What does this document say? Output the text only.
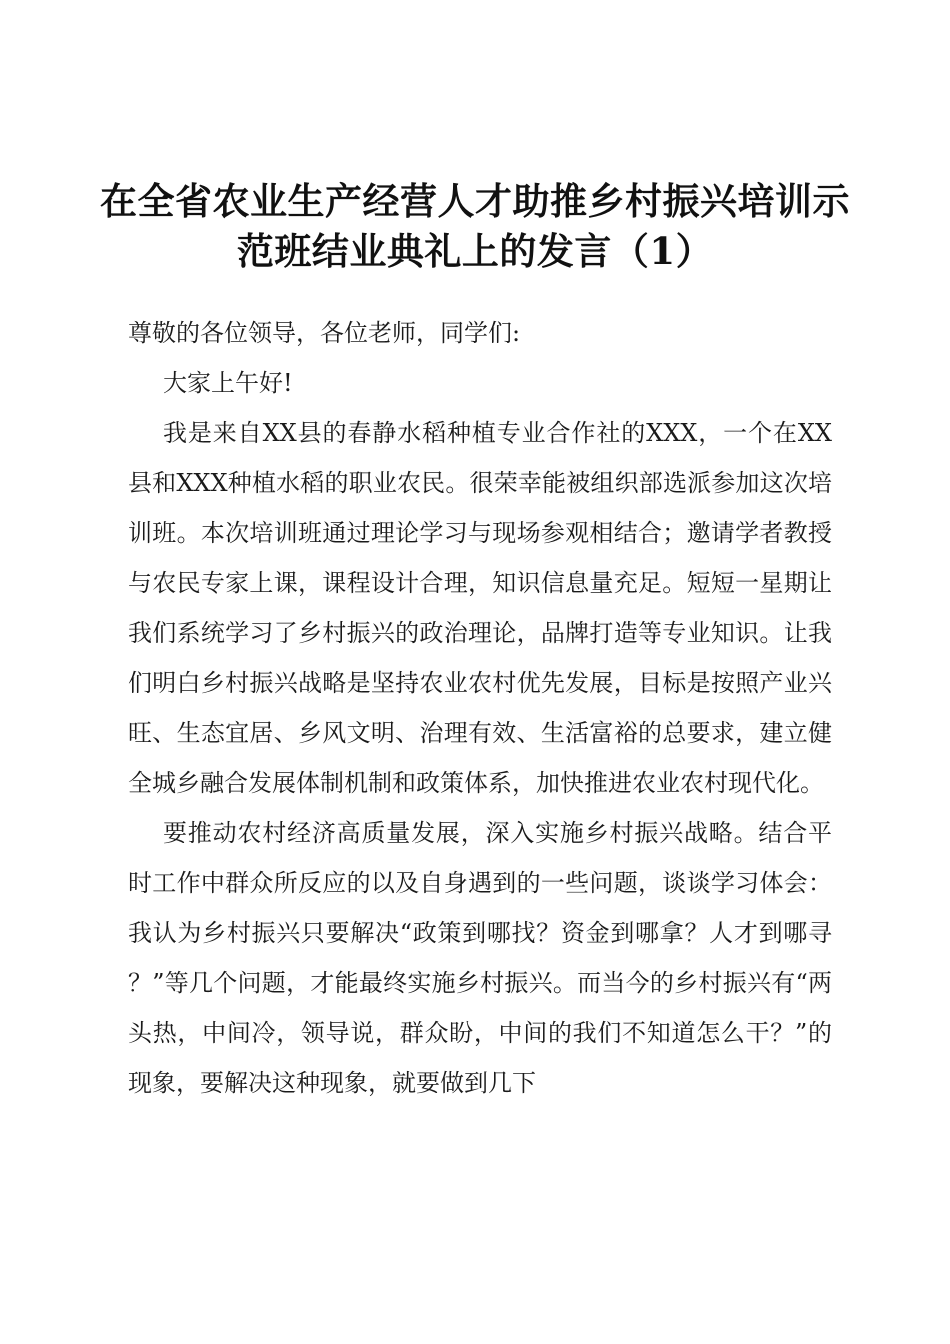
在全省农业生产经营人才助推乡村振兴培训示
范班结业典礼上的发言（1）

尊敬的各位领导，各位老师，同学们:

大家上午好!

我是来自XX县的春静水稻种植专业合作社的XXX，一个在XX县和XXX种植水稻的职业农民。很荣幸能被组织部选派参加这次培训班。本次培训班通过理论学习与现场参观相结合；邀请学者教授与农民专家上课，课程设计合理，知识信息量充足。短短一星期让我们系统学习了乡村振兴的政治理论，品牌打造等专业知识。让我们明白乡村振兴战略是坚持农业农村优先发展，目标是按照产业兴旺、生态宜居、乡风文明、治理有效、生活富裕的总要求，建立健全城乡融合发展体制机制和政策体系，加快推进农业农村现代化。

要推动农村经济高质量发展，深入实施乡村振兴战略。结合平时工作中群众所反应的以及自身遇到的一些问题，谈谈学习体会：我认为乡村振兴只要解决“政策到哪找？资金到哪拿？人才到哪寻？”等几个问题，才能最终实施乡村振兴。而当今的乡村振兴有“两头热，中间冷，领导说，群众盼，中间的我们不知道怎么干？”的现象，要解决这种现象，就要做到几下
